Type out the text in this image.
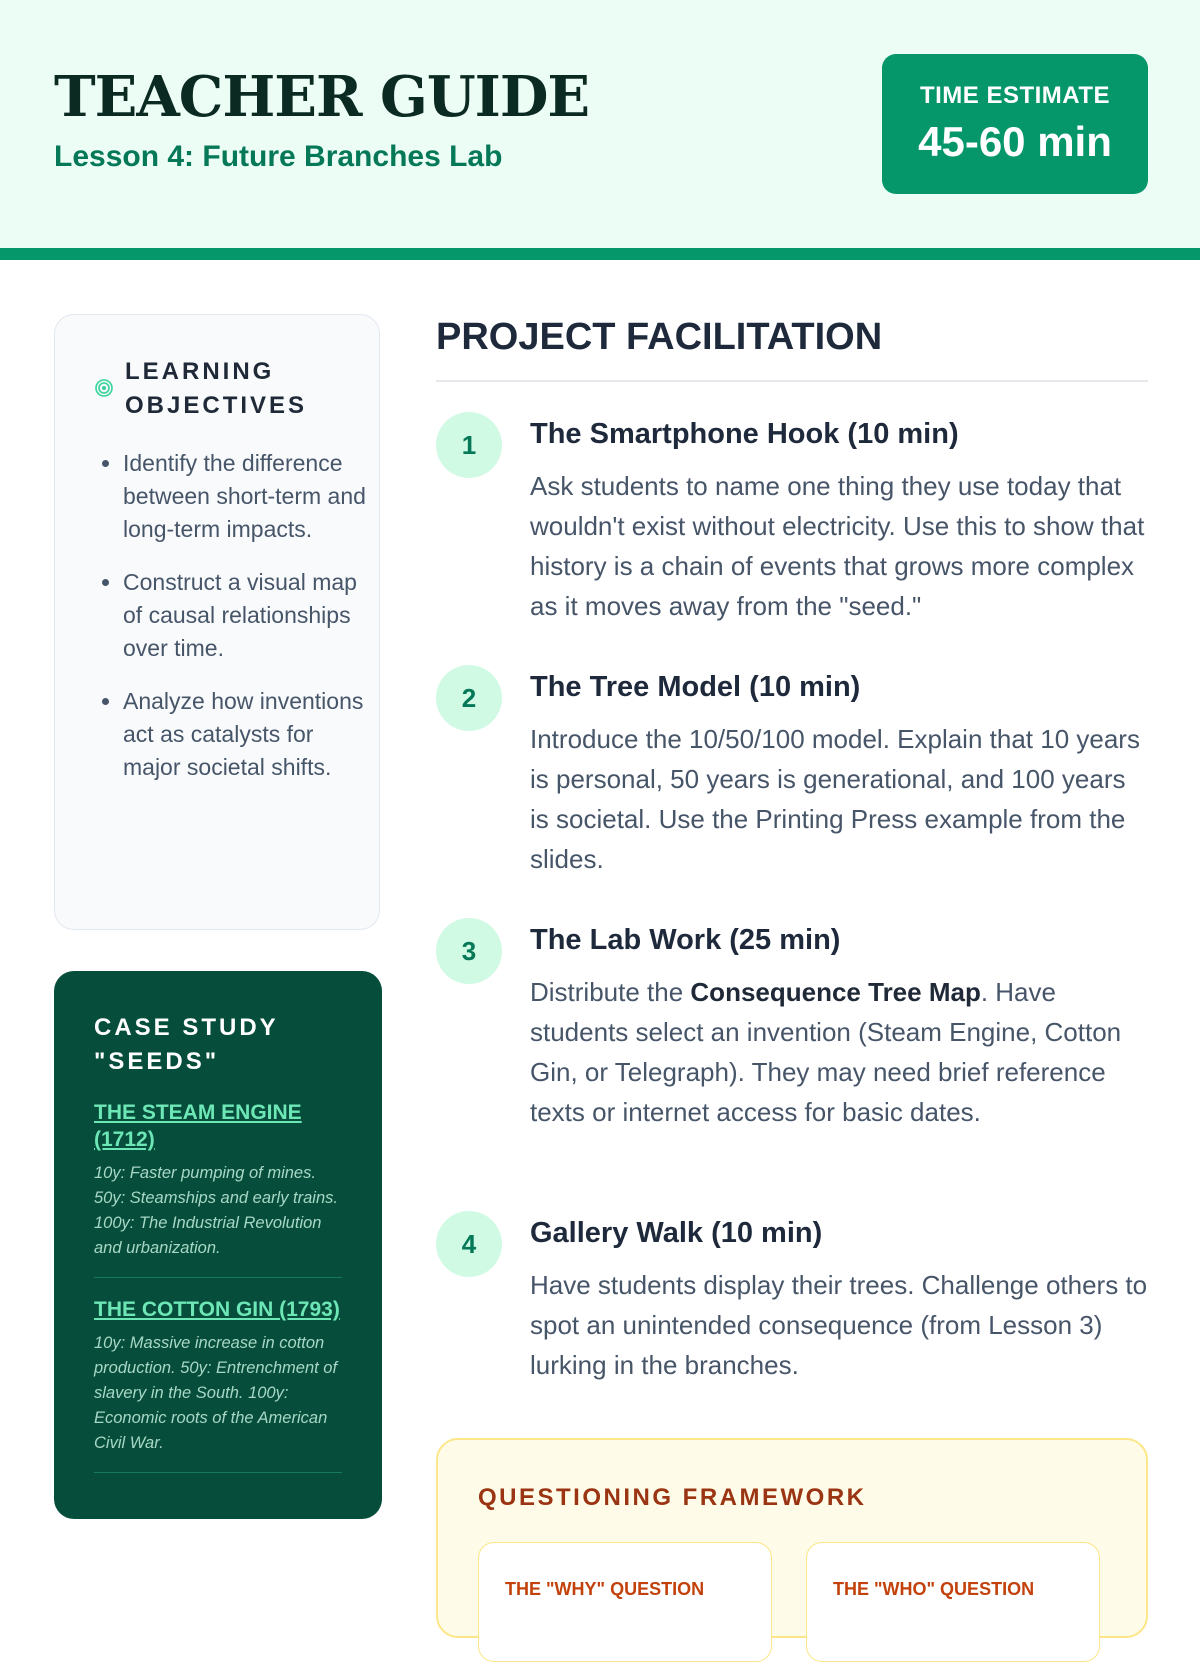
TEACHER GUIDE
Lesson 4: Future Branches Lab
TIME ESTIMATE
45-60 min
LEARNING OBJECTIVES
• Identify the difference between short-term and long-term impacts.
• Construct a visual map of causal relationships over time.
• Analyze how inventions act as catalysts for major societal shifts.
CASE STUDY "SEEDS"
THE STEAM ENGINE (1712)
10y: Faster pumping of mines. 50y: Steamships and early trains. 100y: The Industrial Revolution and urbanization.
THE COTTON GIN (1793)
10y: Massive increase in cotton production. 50y: Entrenchment of slavery in the South. 100y: Economic roots of the American Civil War.
PROJECT FACILITATION
1	The Smartphone Hook (10 min)
Ask students to name one thing they use today that wouldn't exist without electricity. Use this to show that history is a chain of events that grows more complex as it moves away from the "seed."
2	The Tree Model (10 min)
Introduce the 10/50/100 model. Explain that 10 years is personal, 50 years is generational, and 100 years is societal. Use the Printing Press example from the slides.
3	The Lab Work (25 min)
Distribute the Consequence Tree Map. Have students select an invention (Steam Engine, Cotton Gin, or Telegraph). They may need brief reference texts or internet access for basic dates.
4	Gallery Walk (10 min)
Have students display their trees. Challenge others to spot an unintended consequence (from Lesson 3) lurking in the branches.
QUESTIONING FRAMEWORK
THE "WHY" QUESTION	THE "WHO" QUESTION
